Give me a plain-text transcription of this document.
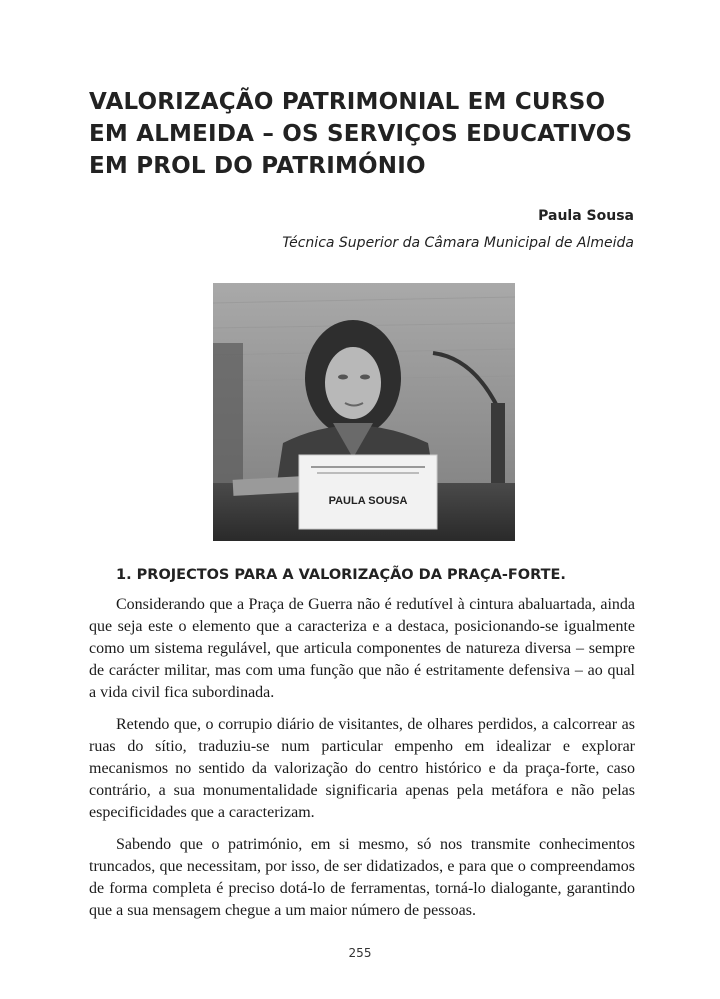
VALORIZAÇÃO PATRIMONIAL EM CURSO
EM ALMEIDA – OS SERVIÇOS EDUCATIVOS
EM PROL DO PATRIMÓNIO
Paula Sousa
Técnica Superior da Câmara Municipal de Almeida
PAULA SOUSA
1. PROJECTOS PARA A VALORIZAÇÃO DA PRAÇA-FORTE.

Considerando que a Praça de Guerra não é redutível à cintura abaluartada, ainda que seja este o elemento que a caracteriza e a destaca, posicionando-se igualmente como um sistema regulável, que articula componentes de natureza diversa – sempre de carácter militar, mas com uma função que não é estritamente defensiva – ao qual a vida civil fica subordinada.

Retendo que, o corrupio diário de visitantes, de olhares perdidos, a calcorrear as ruas do sítio, traduziu-se num particular empenho em idealizar e explorar mecanismos no sentido da valorização do centro histórico e da praça-forte, caso contrário, a sua monumentalidade significaria apenas pela metáfora e não pelas especificidades que a caracterizam.

Sabendo que o património, em si mesmo, só nos transmite conhecimentos truncados, que necessitam, por isso, de ser didatizados, e para que o compreendamos de forma completa é preciso dotá-lo de ferramentas, torná-lo dialogante, garantindo que a sua mensagem chegue a um maior número de pessoas.

255
